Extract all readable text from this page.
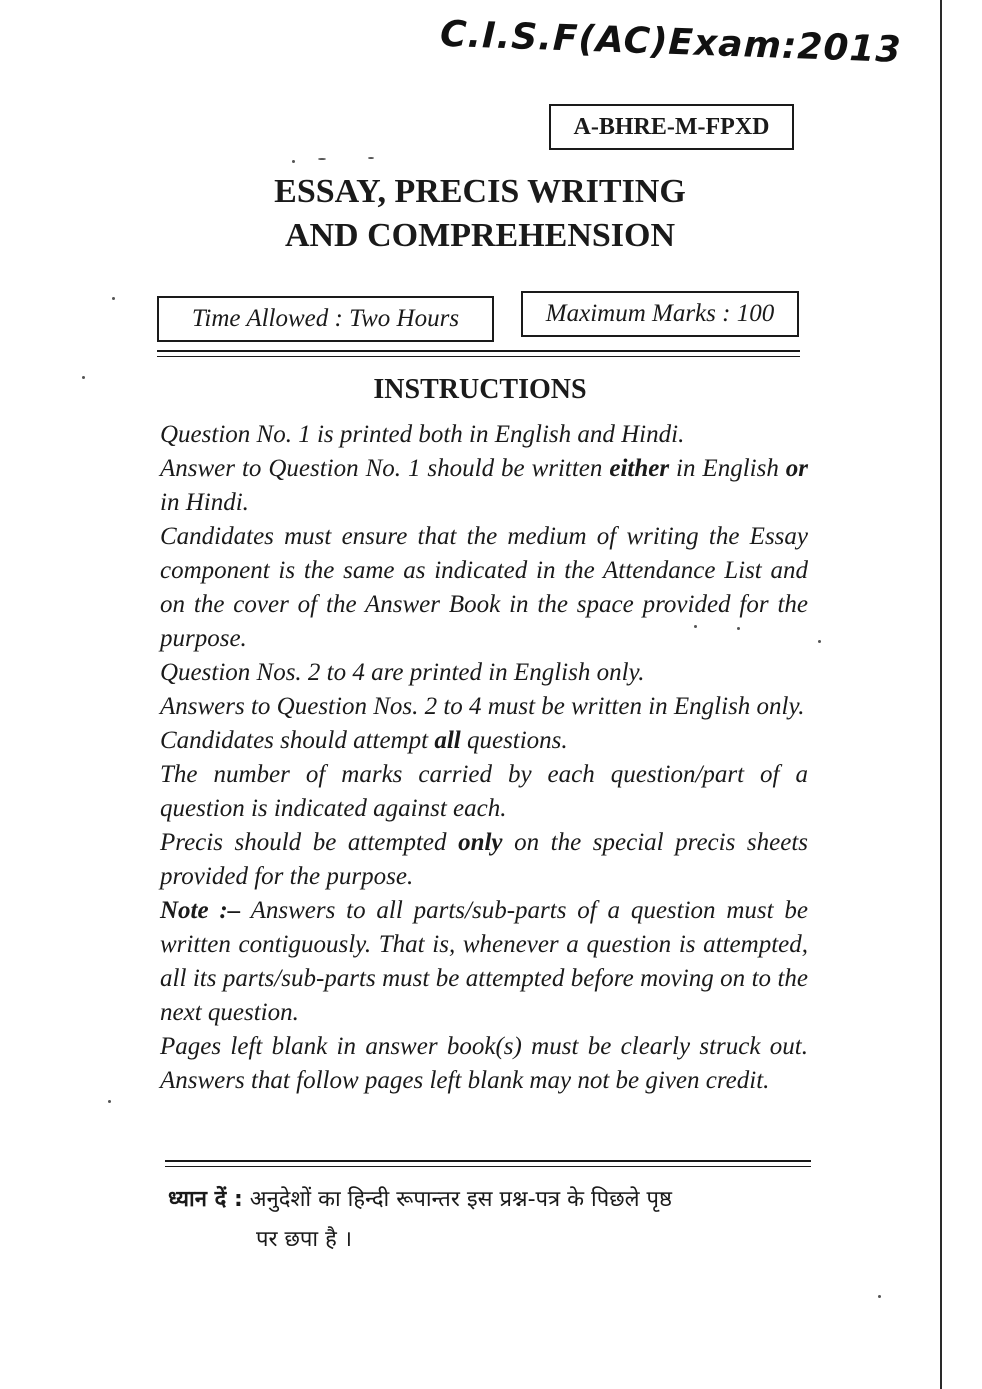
C.I.S.F(AC)Exam:2013
A-BHRE-M-FPXD
ESSAY, PRECIS WRITING
AND COMPREHENSION
Time Allowed : Two Hours	Maximum Marks : 100
INSTRUCTIONS

Question No. 1 is printed both in English and Hindi.

Answer to Question No. 1 should be written either in English or in Hindi.

Candidates must ensure that the medium of writing the Essay component is the same as indicated in the Attendance List and on the cover of the Answer Book in the space provided for the purpose.

Question Nos. 2 to 4 are printed in English only.

Answers to Question Nos. 2 to 4 must be written in English only.

Candidates should attempt all questions.

The number of marks carried by each question/part of a question is indicated against each.

Precis should be attempted only on the special precis sheets provided for the purpose.

Note :– Answers to all parts/sub-parts of a question must be written contiguously. That is, whenever a question is attempted, all its parts/sub-parts must be attempted before moving on to the next question.

Pages left blank in answer book(s) must be clearly struck out. Answers that follow pages left blank may not be given credit.

ध्यान दें : अनुदेशों का हिन्दी रूपान्तर इस प्रश्न-पत्र के पिछले पृष्ठ
पर छपा है ।
